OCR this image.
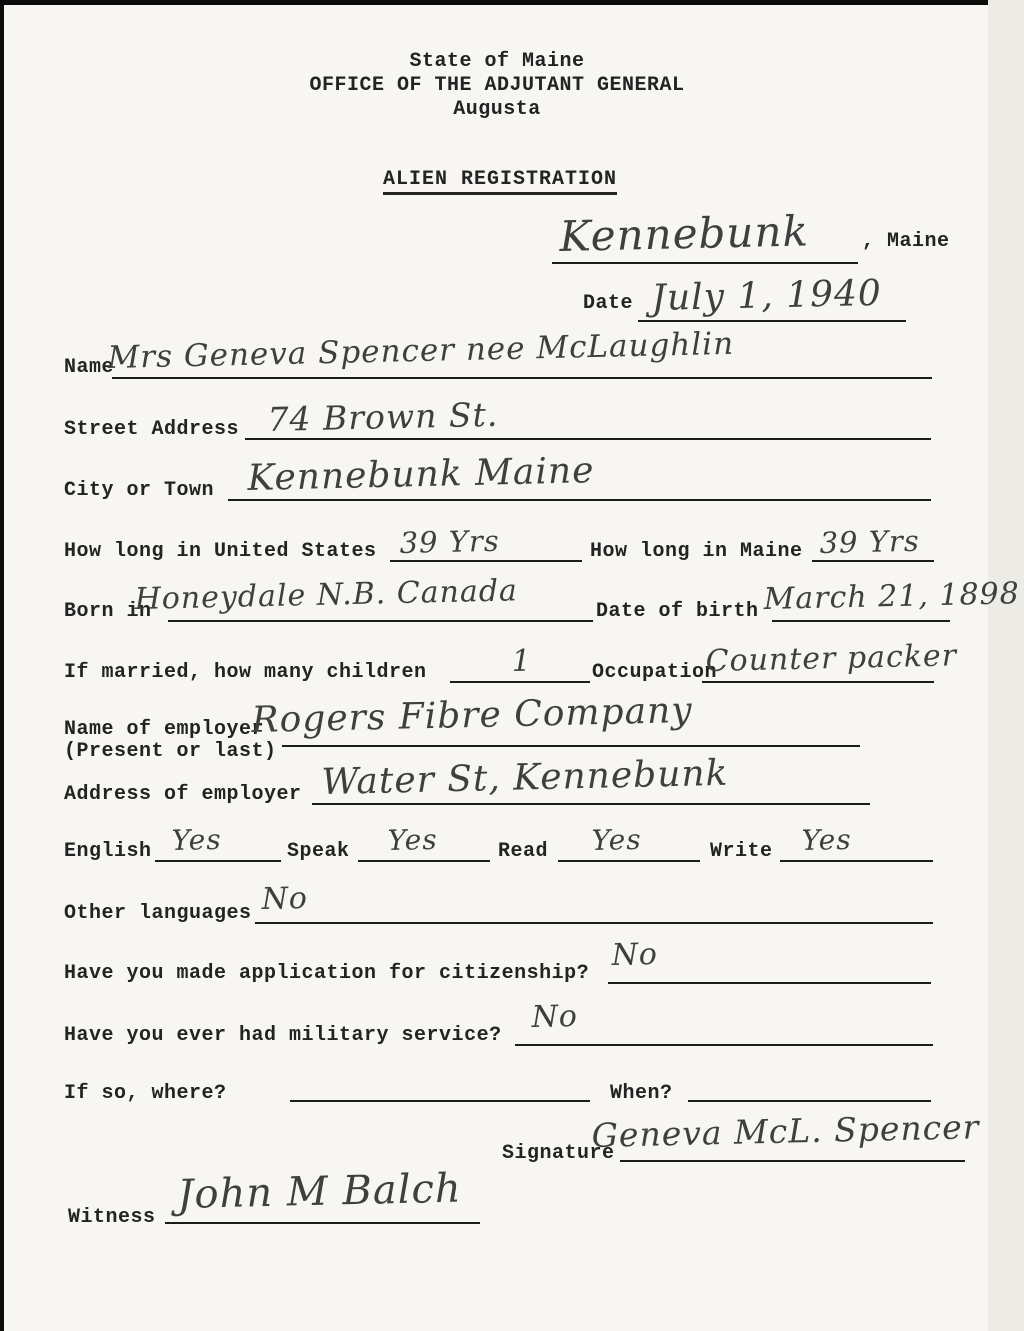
State of Maine
OFFICE OF THE ADJUTANT GENERAL
Augusta
ALIEN REGISTRATION
Kennebunk	, Maine
Date July 1, 1940
Name
Mrs Geneva Spencer nee McLaughlin
Street Address 74 Brown St.
City or Town Kennebunk Maine
How long in United States 39 Yrs	How long in Maine 39 Yrs
Born in
Honeydale N.B. Canada	Date of birth March 21, 1898
If married, how many children	1	Occupation
Counter packer
Name of employer
(Present or last)
Rogers Fibre Company
Address of employer Water St, Kennebunk
English Yes	Speak Yes	Read Yes	Write Yes
Other languages No
Have you made application for citizenship?
No
Have you ever had military service?
No
If so, where?	When?
Signature
Geneva McL. Spencer
Witness John M Balch
